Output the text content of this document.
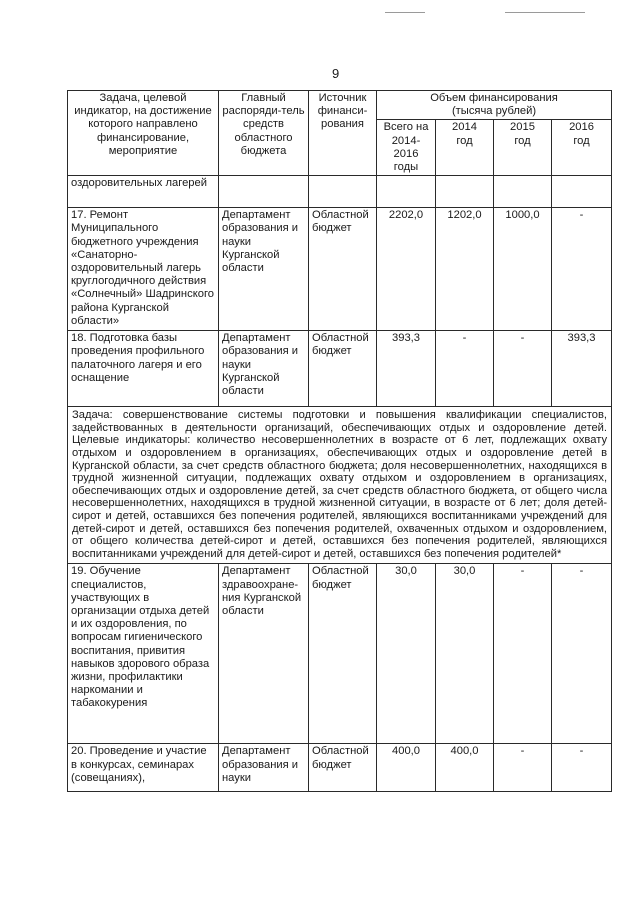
9
Задача, целевой индикатор, на достижение которого направлено финансирование, мероприятие	Главный распоряди-тель средств областного бюджета	Источник финанси-рования	Объем финансирования (тысяча рублей)			
			Всего на 2014-2016 годы	2014 год	2015 год	2016 год
оздоровительных лагерей						
17. Ремонт Муниципального бюджетного учреждения «Санаторно-оздоровительный лагерь круглогодичного действия «Солнечный» Шадринского района Курганской области»	Департамент образования и науки Курганской области	Областной бюджет	2202,0	1202,0	1000,0	-
18. Подготовка базы проведения профильного палаточного лагеря и его оснащение	Департамент образования и науки Курганской области	Областной бюджет	393,3	-	-	393,3
Задача: совершенствование системы подготовки и повышения квалификации специалистов, задействованных в деятельности организаций, обеспечивающих отдых и оздоровление детей. Целевые индикаторы: количество несовершеннолетних в возрасте от 6 лет, подлежащих охвату отдыхом и оздоровлением в организациях, обеспечивающих отдых и оздоровление детей в Курганской области, за счет средств областного бюджета; доля несовершеннолетних, находящихся в трудной жизненной ситуации, подлежащих охвату отдыхом и оздоровлением в организациях, обеспечивающих отдых и оздоровление детей, за счет средств областного бюджета, от общего числа несовершеннолетних, находящихся в трудной жизненной ситуации, в возрасте от 6 лет; доля детей-сирот и детей, оставшихся без попечения родителей, являющихся воспитанниками учреждений для детей-сирот и детей, оставшихся без попечения родителей, охваченных отдыхом и оздоровлением, от общего количества детей-сирот и детей, оставшихся без попечения родителей, являющихся воспитанниками учреждений для детей-сирот и детей, оставшихся без попечения родителей*						
19. Обучение специалистов, участвующих в организации отдыха детей и их оздоровления, по вопросам гигиенического воспитания, привития навыков здорового образа жизни, профилактики наркомании и табакокурения	Департамент здравоохране-ния Курганской области	Областной бюджет	30,0	30,0	-	-
20. Проведение и участие в конкурсах, семинарах (совещаниях),	Департамент образования и науки	Областной бюджет	400,0	400,0	-	-
